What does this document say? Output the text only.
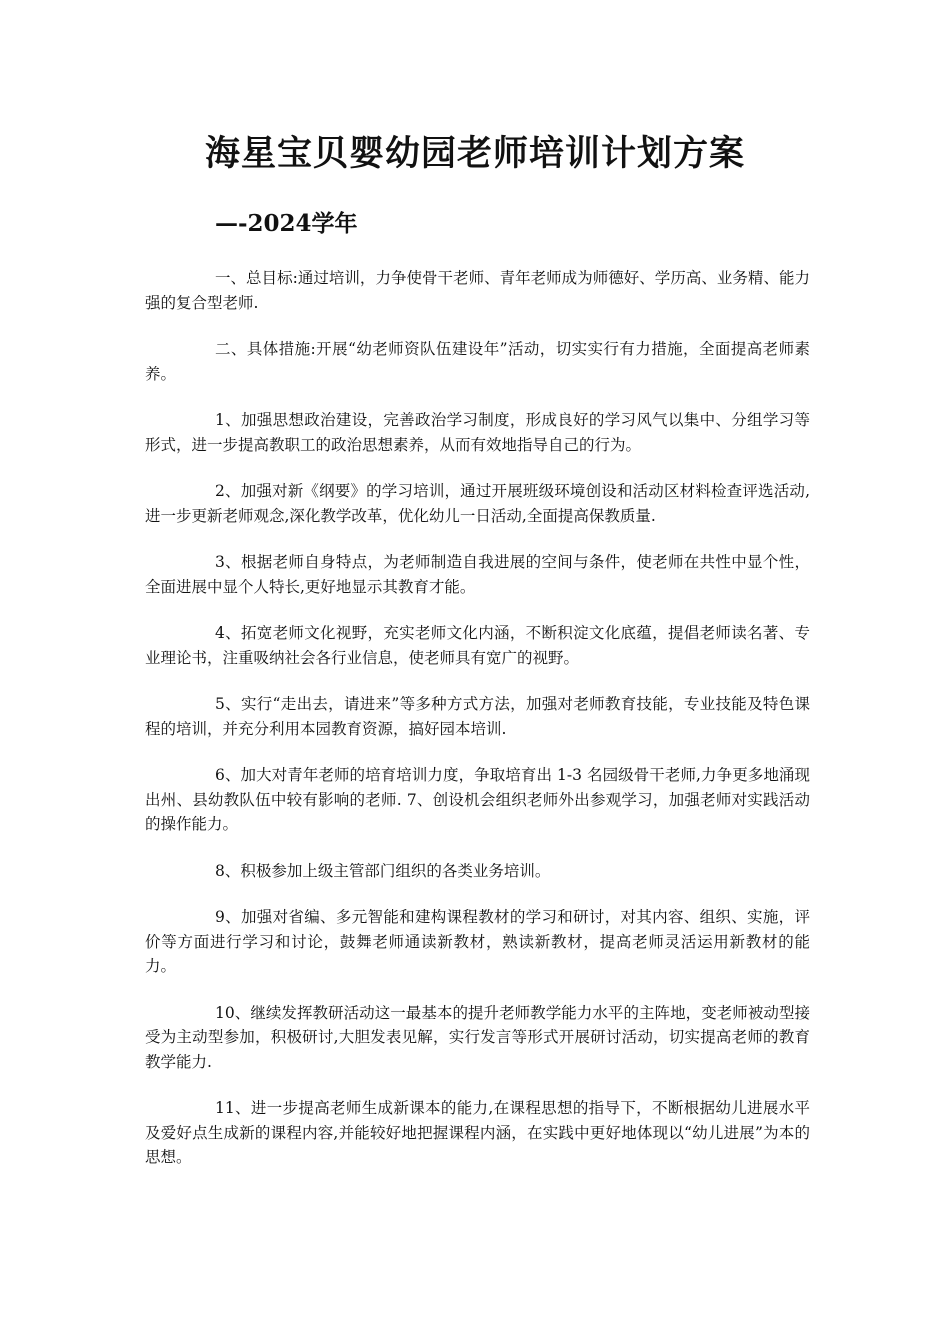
海星宝贝婴幼园老师培训计划方案
—-2024学年

一、总目标:通过培训，力争使骨干老师、青年老师成为师德好、学历高、业务精、能力强的复合型老师.

二、具体措施:开展“幼老师资队伍建设年”活动，切实实行有力措施，全面提高老师素养。

1、加强思想政治建设，完善政治学习制度，形成良好的学习风气以集中、分组学习等形式，进一步提高教职工的政治思想素养，从而有效地指导自己的行为。

2、加强对新《纲要》的学习培训，通过开展班级环境创设和活动区材料检查评选活动,进一步更新老师观念,深化教学改革，优化幼儿一日活动,全面提高保教质量.

3、根据老师自身特点，为老师制造自我进展的空间与条件，使老师在共性中显个性，全面进展中显个人特长,更好地显示其教育才能。

4、拓宽老师文化视野，充实老师文化内涵，不断积淀文化底蕴，提倡老师读名著、专业理论书，注重吸纳社会各行业信息，使老师具有宽广的视野。

5、实行“走出去，请进来”等多种方式方法，加强对老师教育技能，专业技能及特色课程的培训，并充分利用本园教育资源，搞好园本培训.

6、加大对青年老师的培育培训力度，争取培育出 1-3 名园级骨干老师,力争更多地涌现出州、县幼教队伍中较有影响的老师. 7、创设机会组织老师外出参观学习，加强老师对实践活动的操作能力。

8、积极参加上级主管部门组织的各类业务培训。

9、加强对省编、多元智能和建构课程教材的学习和研讨，对其内容、组织、实施，评价等方面进行学习和讨论，鼓舞老师通读新教材，熟读新教材，提高老师灵活运用新教材的能力。

10、继续发挥教研活动这一最基本的提升老师教学能力水平的主阵地，变老师被动型接受为主动型参加，积极研讨,大胆发表见解，实行发言等形式开展研讨活动，切实提高老师的教育教学能力.

11、进一步提高老师生成新课本的能力,在课程思想的指导下，不断根据幼儿进展水平及爱好点生成新的课程内容,并能较好地把握课程内涵，在实践中更好地体现以“幼儿进展”为本的思想。
